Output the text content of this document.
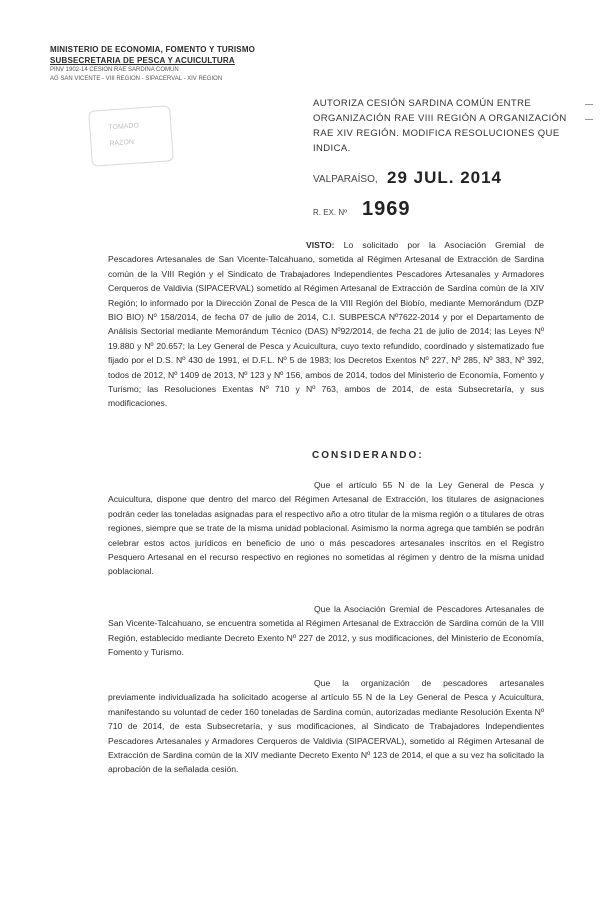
MINISTERIO DE ECONOMIA, FOMENTO Y TURISMO
SUBSECRETARIA DE PESCA Y ACUICULTURA
PINV 1902-14 CESION RAE SARDINA COMUN
AG SAN VICENTE - VIII REGION - SIPACERVAL - XIV REGION
TOMADO
RAZON
AUTORIZA CESIÓN SARDINA COMÚN ENTRE ORGANIZACIÓN RAE VIII REGIÓN A ORGANIZACIÓN RAE XIV REGIÓN. MODIFICA RESOLUCIONES QUE INDICA.
VALPARAÍSO, 29 JUL. 2014
R. EX. Nº 1969
VISTO: Lo solicitado por la Asociación Gremial de Pescadores Artesanales de San Vicente-Talcahuano, sometida al Régimen Artesanal de Extracción de Sardina común de la VIII Región y el Sindicato de Trabajadores Independientes Pescadores Artesanales y Armadores Cerqueros de Valdivia (SIPACERVAL) sometido al Régimen Artesanal de Extracción de Sardina común de la XIV Región; lo informado por la Dirección Zonal de Pesca de la VIII Región del Biobío, mediante Memorándum (DZP BIO BIO) Nº 158/2014, de fecha 07 de julio de 2014, C.I. SUBPESCA Nº7622-2014 y por el Departamento de Análisis Sectorial mediante Memorándum Técnico (DAS) Nº92/2014, de fecha 21 de julio de 2014; las Leyes Nº 19.880 y Nº 20.657; la Ley General de Pesca y Acuicultura, cuyo texto refundido, coordinado y sistematizado fue fijado por el D.S. Nº 430 de 1991, el D.F.L. Nº 5 de 1983; los Decretos Exentos Nº 227, Nº 285, Nº 383, Nº 392, todos de 2012, Nº 1409 de 2013, Nº 123 y Nº 156, ambos de 2014, todos del Ministerio de Economía, Fomento y Turismo; las Resoluciones Exentas Nº 710 y Nº 763, ambos de 2014, de esta Subsecretaría, y sus modificaciones.
CONSIDERANDO:
Que el artículo 55 N de la Ley General de Pesca y Acuicultura, dispone que dentro del marco del Régimen Artesanal de Extracción, los titulares de asignaciones podrán ceder las toneladas asignadas para el respectivo año a otro titular de la misma región o a titulares de otras regiones, siempre que se trate de la misma unidad poblacional. Asimismo la norma agrega que también se podrán celebrar estos actos jurídicos en beneficio de uno o más pescadores artesanales inscritos en el Registro Pesquero Artesanal en el recurso respectivo en regiones no sometidas al régimen y dentro de la misma unidad poblacional.
Que la Asociación Gremial de Pescadores Artesanales de San Vicente-Talcahuano, se encuentra sometida al Régimen Artesanal de Extracción de Sardina común de la VIII Región, establecido mediante Decreto Exento Nº 227 de 2012, y sus modificaciones, del Ministerio de Economía, Fomento y Turismo.
Que la organización de pescadores artesanales previamente individualizada ha solicitado acogerse al artículo 55 N de la Ley General de Pesca y Acuicultura, manifestando su voluntad de ceder 160 toneladas de Sardina común, autorizadas mediante Resolución Exenta Nº 710 de 2014, de esta Subsecretaría, y sus modificaciones, al Sindicato de Trabajadores Independientes Pescadores Artesanales y Armadores Cerqueros de Valdivia (SIPACERVAL), sometido al Régimen Artesanal de Extracción de Sardina común de la XIV mediante Decreto Exento Nº 123 de 2014, el que a su vez ha solicitado la aprobación de la señalada cesión.
